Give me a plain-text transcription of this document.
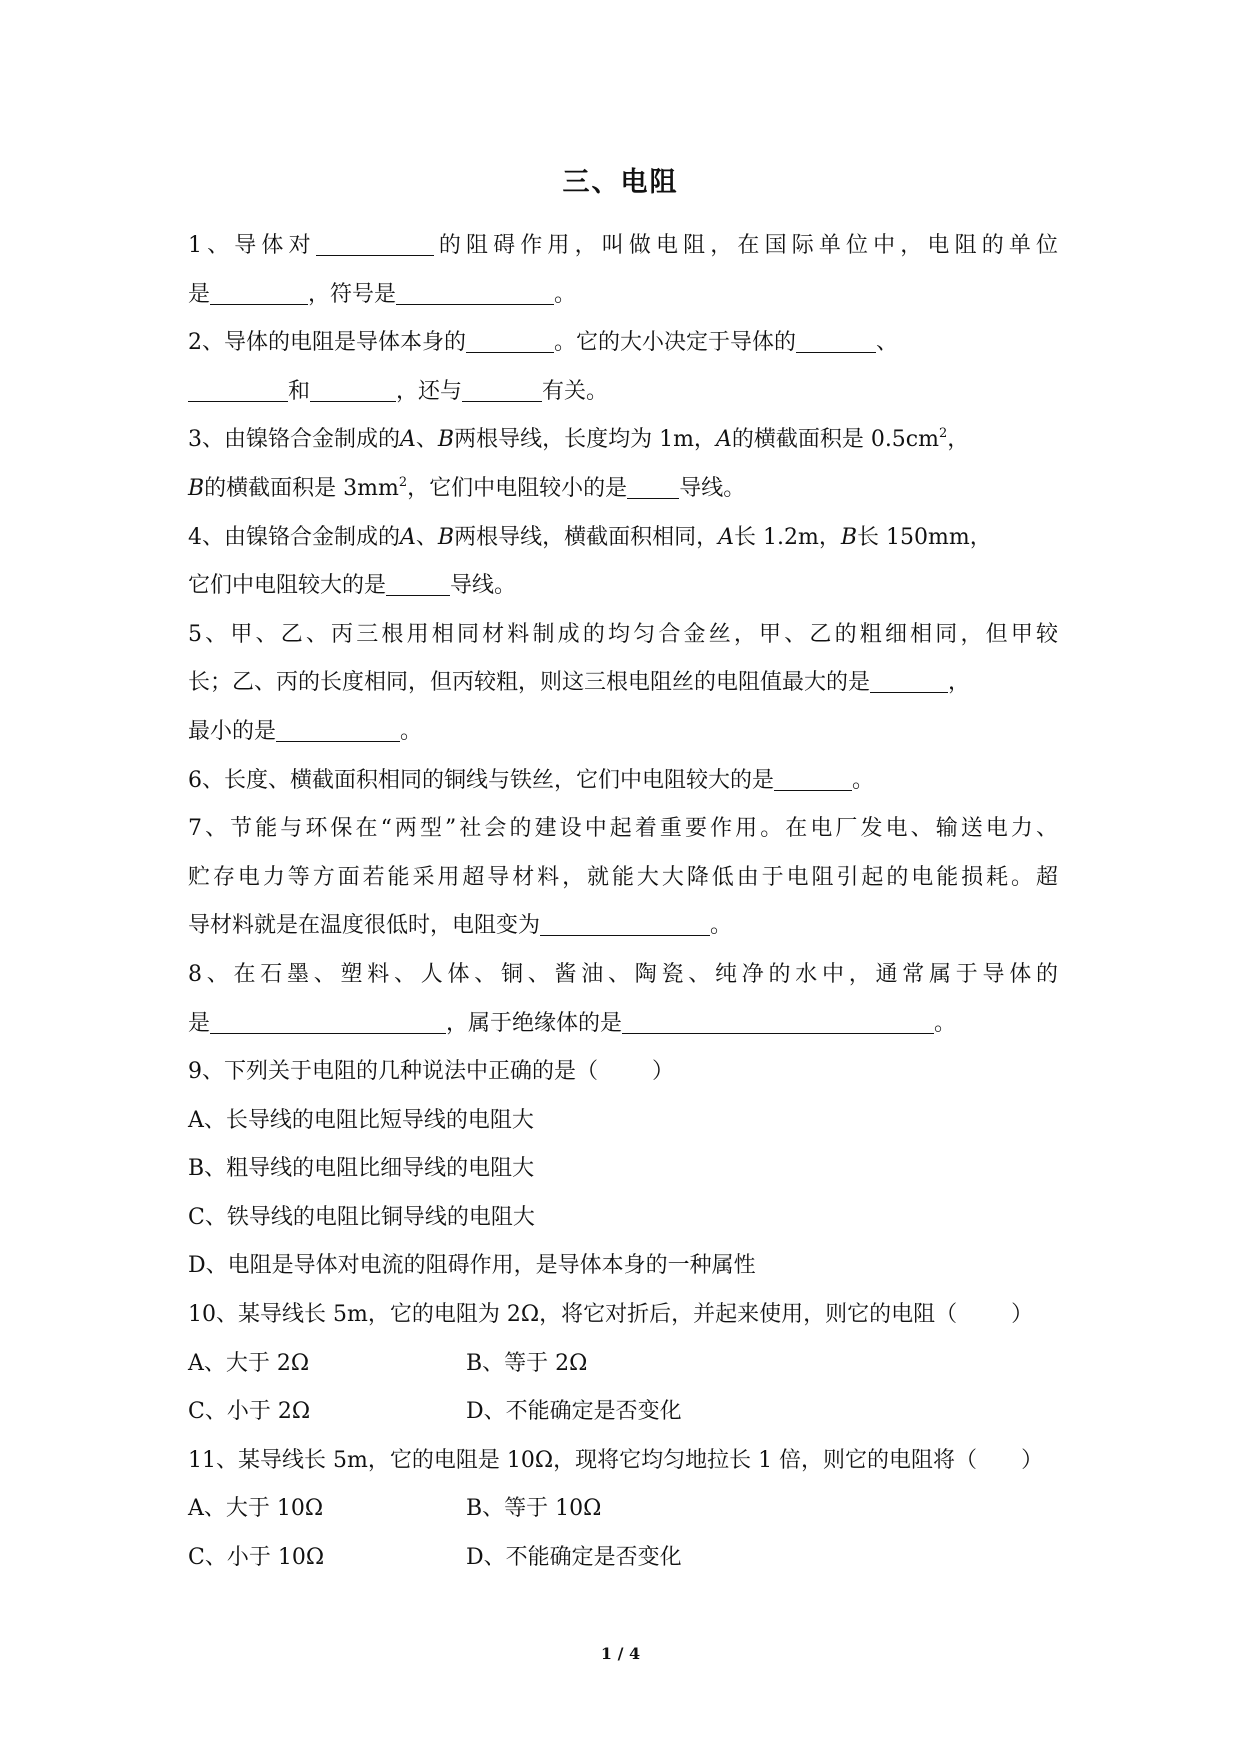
三、电阻
1、导体对	的阻碍作用，叫做电阻，在国际单位中，电阻的单位
是	，符号是	。
2、导体的电阻是导体本身的	。它的大小决定于导体的	、
和	，还与	有关。
3、由镍铬合金制成的A、B两根导线，长度均为 1m，A的横截面积是 $0.5cm^2$，
B的横截面积是 $3mm^2$，它们中电阻较小的是 导线。
4、由镍铬合金制成的A、B两根导线，横截面积相同，A长 1.2m，B长 150mm，
它们中电阻较大的是	导线。
5、甲、乙、丙三根用相同材料制成的均匀合金丝，甲、乙的粗细相同，但甲较
长；乙、丙的长度相同，但丙较粗，则这三根电阻丝的电阻值最大的是	，
最小的是	。
6、长度、横截面积相同的铜线与铁丝，它们中电阻较大的是	。
7、节能与环保在“两型”社会的建设中起着重要作用。在电厂发电、输送电力、
贮存电力等方面若能采用超导材料，就能大大降低由于电阻引起的电能损耗。超
导材料就是在温度很低时，电阻变为	。
8、在石墨、塑料、人体、铜、酱油、陶瓷、纯净的水中，通常属于导体的
是	，属于绝缘体的是	。
9、下列关于电阻的几种说法中正确的是（ ）
A、长导线的电阻比短导线的电阻大
B、粗导线的电阻比细导线的电阻大
C、铁导线的电阻比铜导线的电阻大
D、电阻是导体对电流的阻碍作用，是导体本身的一种属性
10、某导线长 5m，它的电阻为 2Ω，将它对折后，并起来使用，则它的电阻（ ）
A、大于 2Ω	B、等于 2Ω
C、小于 2Ω	D、不能确定是否变化
11、某导线长 5m，它的电阻是 10Ω，现将它均匀地拉长 1 倍，则它的电阻将（ ）
A、大于 10Ω	B、等于 10Ω
C、小于 10Ω	D、不能确定是否变化
1 / 4
